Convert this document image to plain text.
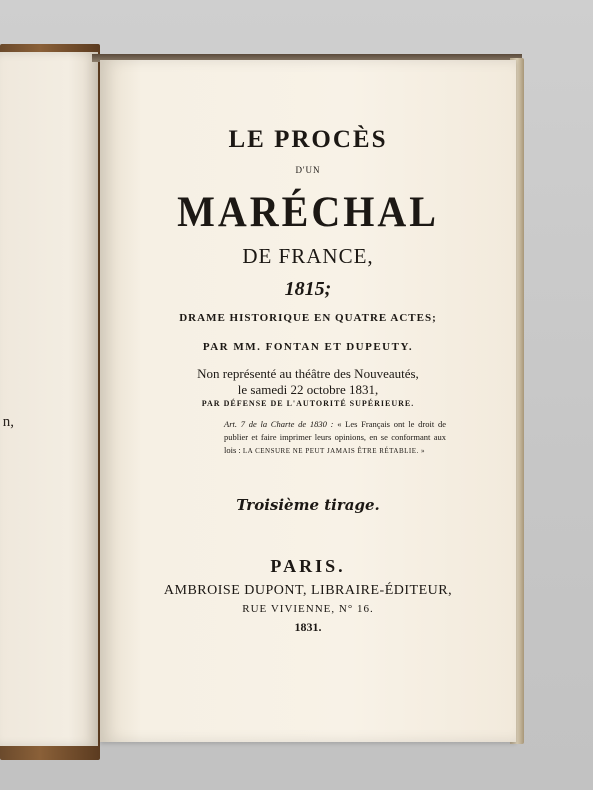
n,
LE PROCÈS
D'UN
MARÉCHAL
DE FRANCE,
1815;
DRAME HISTORIQUE EN QUATRE ACTES;
PAR MM. FONTAN ET DUPEUTY.
Non représenté au théâtre des Nouveautés,
le samedi 22 octobre 1831,
PAR DÉFENSE DE L'AUTORITÉ SUPÉRIEURE.
Art. 7 de la Charte de 1830 : « Les Français ont le droit de publier et faire imprimer leurs opinions, en se conformant aux lois : LA CENSURE NE PEUT JAMAIS ÊTRE RÉTABLIE. »
Troisième tirage.
PARIS.
AMBROISE DUPONT, LIBRAIRE-ÉDITEUR,
RUE VIVIENNE, N° 16.
1831.
